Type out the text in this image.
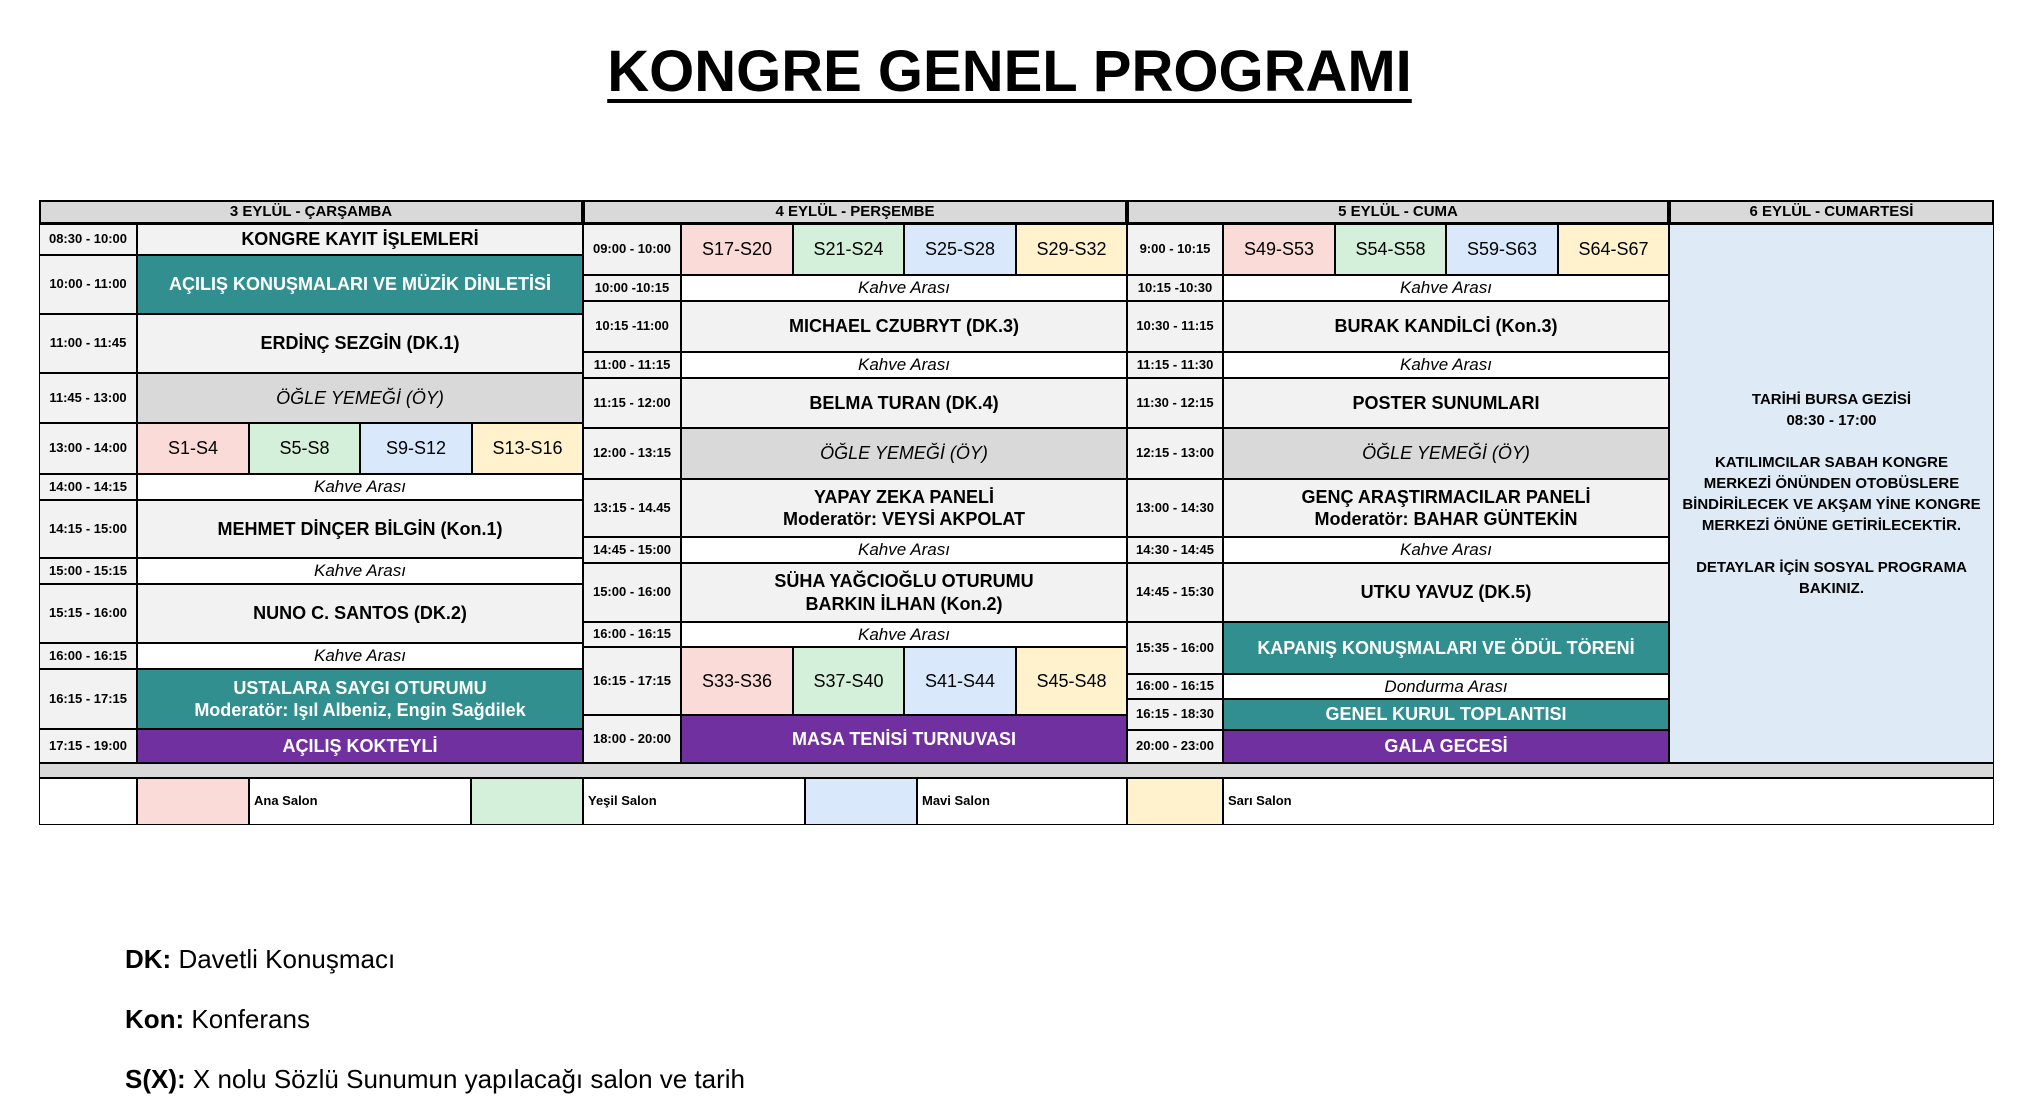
KONGRE GENEL PROGRAMI
3 EYLÜL - ÇARŞAMBA	4 EYLÜL - PERŞEMBE	5 EYLÜL - CUMA	6 EYLÜL - CUMARTESİ
08:30 - 10:00	KONGRE KAYIT İŞLEMLERİ
10:00 - 11:00	AÇILIŞ KONUŞMALARI VE MÜZİK DİNLETİSİ
11:00 - 11:45	ERDİNÇ SEZGİN (DK.1)
11:45 - 13:00	ÖĞLE YEMEĞİ (ÖY)
13:00 - 14:00	S1-S4	S5-S8	S9-S12	S13-S16
14:00 - 14:15	Kahve Arası
14:15 - 15:00	MEHMET DİNÇER BİLGİN (Kon.1)
15:00 - 15:15	Kahve Arası
15:15 - 16:00	NUNO C. SANTOS (DK.2)
16:00 - 16:15	Kahve Arası
16:15 - 17:15
USTALARA SAYGI OTURUMU
Moderatör: Işıl Albeniz, Engin Sağdilek
17:15 - 19:00	AÇILIŞ KOKTEYLİ
09:00 - 10:00	S17-S20	S21-S24	S25-S28	S29-S32
10:00 -10:15	Kahve Arası
10:15 -11:00	MICHAEL CZUBRYT (DK.3)
11:00 - 11:15	Kahve Arası
11:15 - 12:00	BELMA TURAN (DK.4)
12:00 - 13:15	ÖĞLE YEMEĞİ (ÖY)
13:15 - 14.45
YAPAY ZEKA PANELİ
Moderatör: VEYSİ AKPOLAT
14:45 - 15:00	Kahve Arası
15:00 - 16:00
SÜHA YAĞCIOĞLU OTURUMU
BARKIN İLHAN (Kon.2)
16:00 - 16:15	Kahve Arası
16:15 - 17:15	S33-S36	S37-S40	S41-S44	S45-S48
18:00 - 20:00	MASA TENİSİ TURNUVASI
9:00 - 10:15	S49-S53	S54-S58	S59-S63	S64-S67
10:15 -10:30	Kahve Arası
10:30 - 11:15	BURAK KANDİLCİ (Kon.3)
11:15 - 11:30	Kahve Arası
11:30 - 12:15	POSTER SUNUMLARI
12:15 - 13:00	ÖĞLE YEMEĞİ (ÖY)
13:00 - 14:30
GENÇ ARAŞTIRMACILAR PANELİ
Moderatör: BAHAR GÜNTEKİN
14:30 - 14:45	Kahve Arası
14:45 - 15:30	UTKU YAVUZ (DK.5)
15:35 - 16:00	KAPANIŞ KONUŞMALARI VE ÖDÜL TÖRENİ
16:00 - 16:15	Dondurma Arası
16:15 - 18:30	GENEL KURUL TOPLANTISI
20:00 - 23:00	GALA GECESİ
TARİHİ BURSA GEZİSİ
08:30 - 17:00
KATILIMCILAR SABAH KONGRE MERKEZİ ÖNÜNDEN OTOBÜSLERE BİNDİRİLECEK VE AKŞAM YİNE KONGRE MERKEZİ ÖNÜNE GETİRİLECEKTİR.
DETAYLAR İÇİN SOSYAL PROGRAMA BAKINIZ.
Ana Salon	Yeşil Salon	Mavi Salon	Sarı Salon
DK: Davetli Konuşmacı
Kon: Konferans
S(X): X nolu Sözlü Sunumun yapılacağı salon ve tarih
